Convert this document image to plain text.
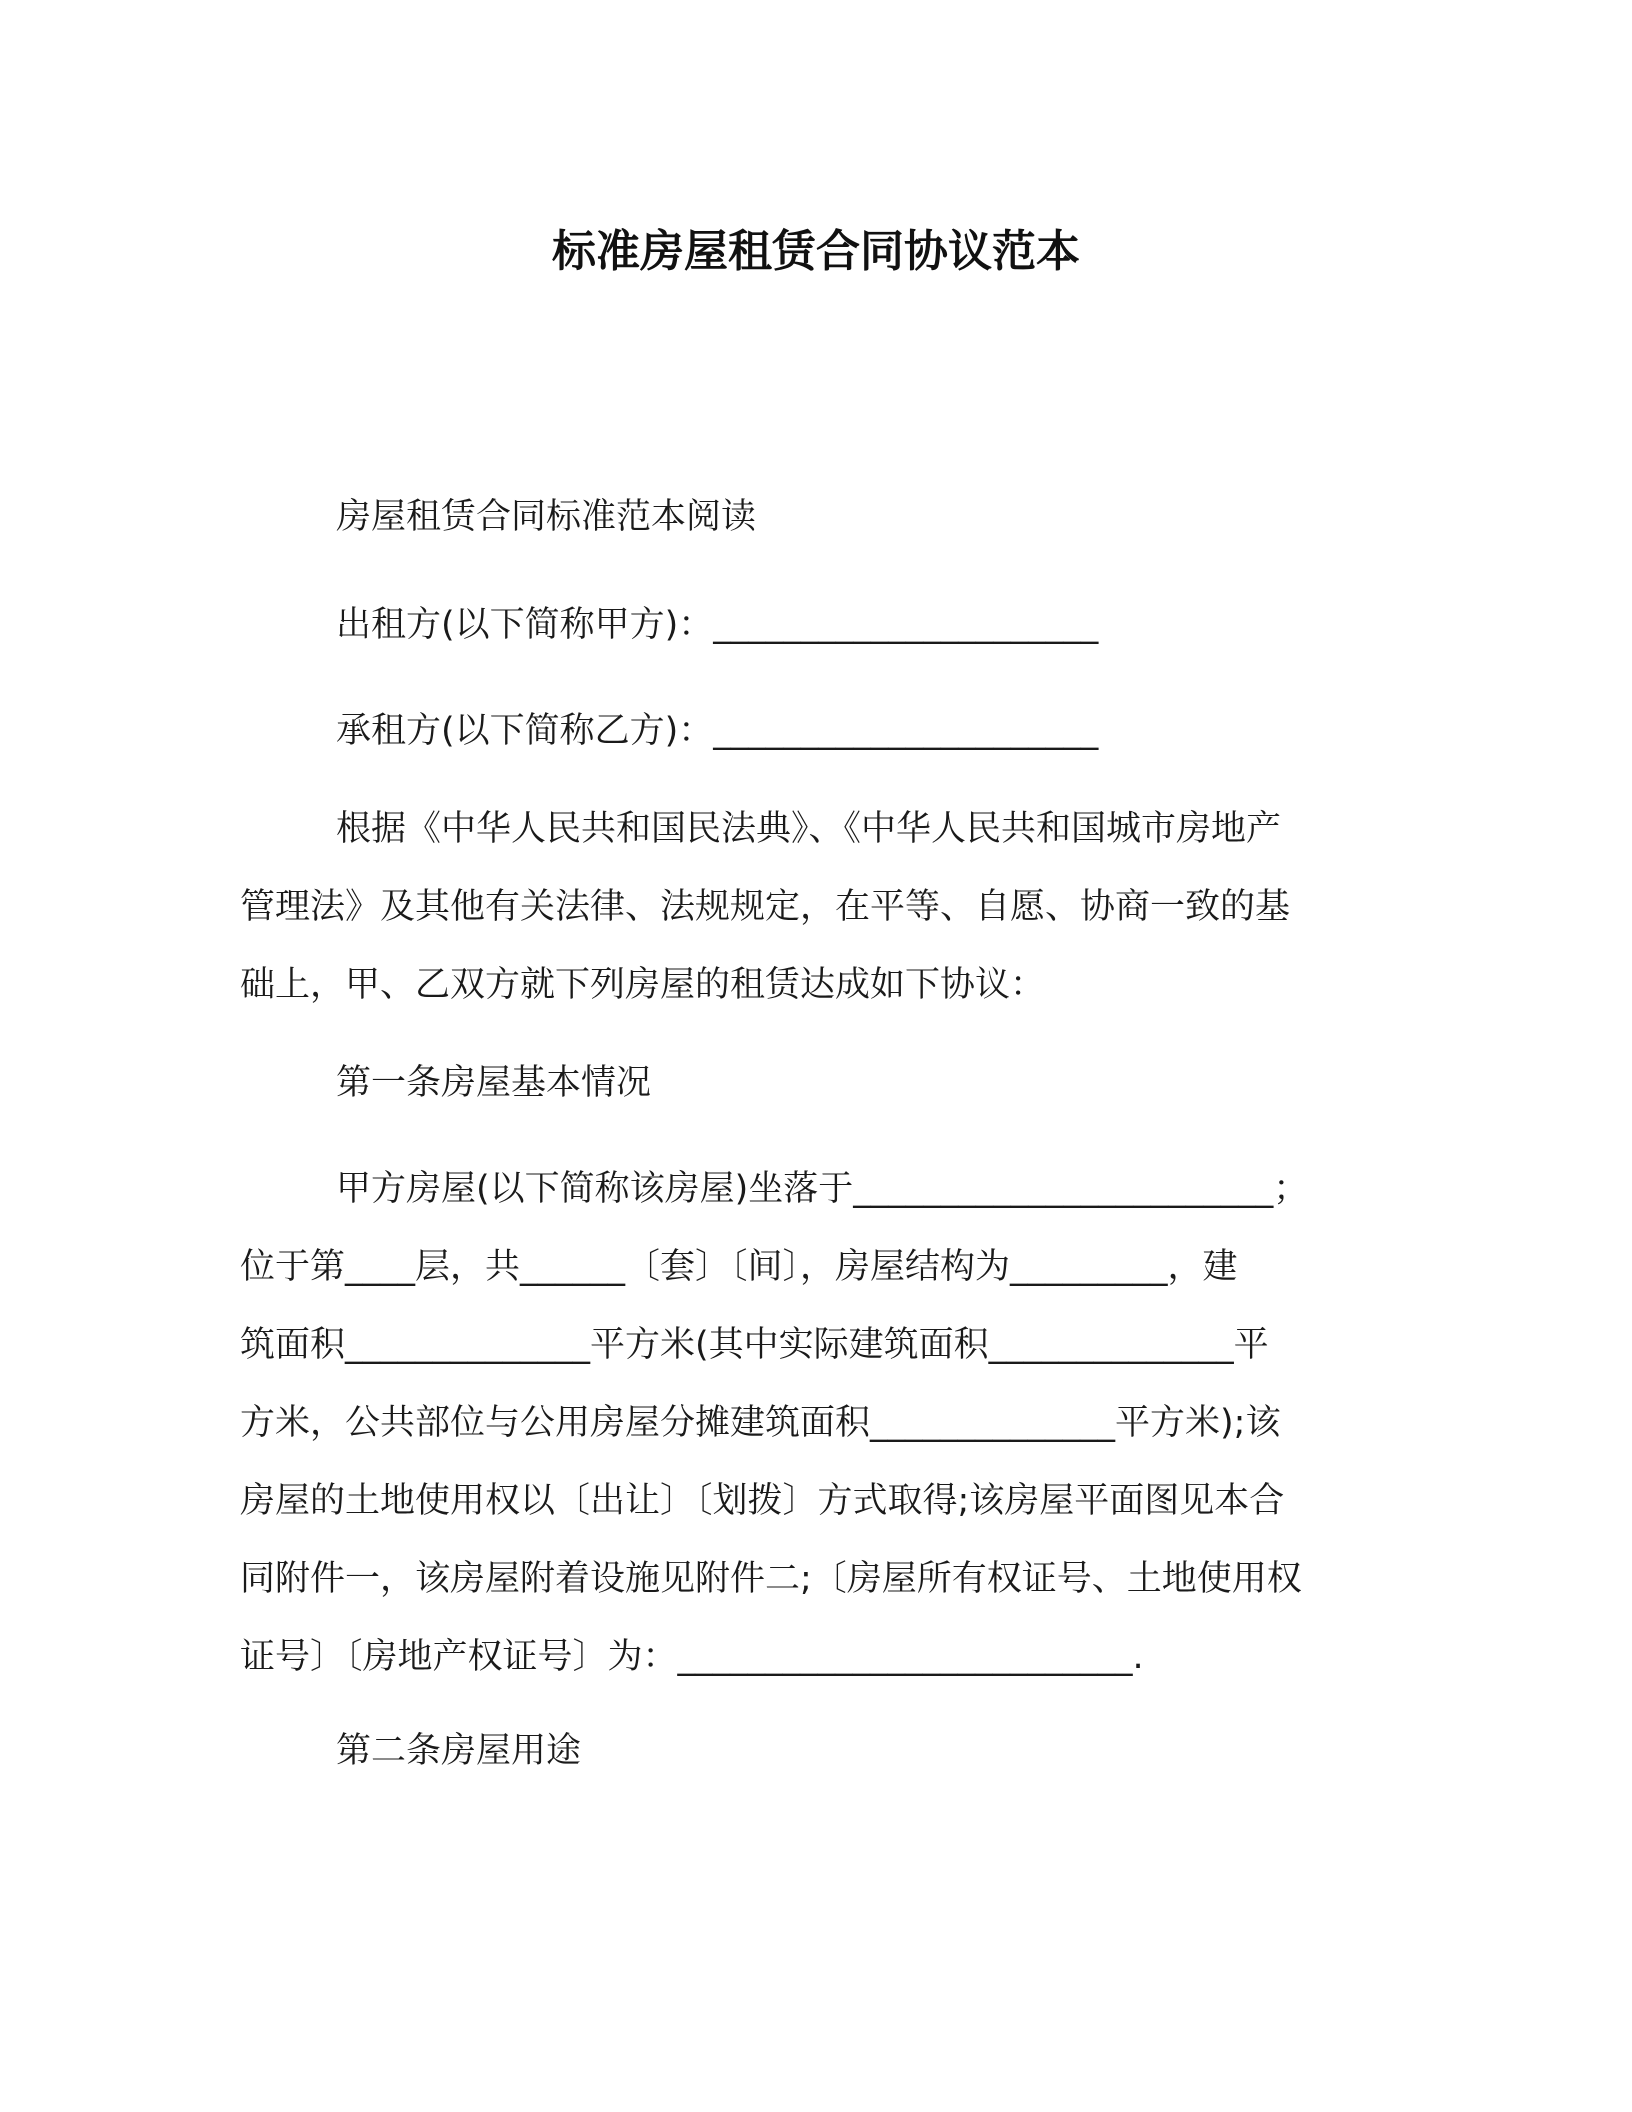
标准房屋租赁合同协议范本
房屋租赁合同标准范本阅读
出租方(以下简称甲方)：______________________
承租方(以下简称乙方)：______________________
根据《中华人民共和国民法典》、《中华人民共和国城市房地产
管理法》及其他有关法律、法规规定，在平等、自愿、协商一致的基
础上，甲、乙双方就下列房屋的租赁达成如下协议：
第一条房屋基本情况
甲方房屋(以下简称该房屋)坐落于________________________；
位于第____层，共______〔套〕〔间〕，房屋结构为_________，建
筑面积______________平方米(其中实际建筑面积______________平
方米，公共部位与公用房屋分摊建筑面积______________平方米);该
房屋的土地使用权以〔出让〕〔划拨〕方式取得;该房屋平面图见本合
同附件一，该房屋附着设施见附件二;〔房屋所有权证号、土地使用权
证号〕〔房地产权证号〕为：__________________________.
第二条房屋用途
